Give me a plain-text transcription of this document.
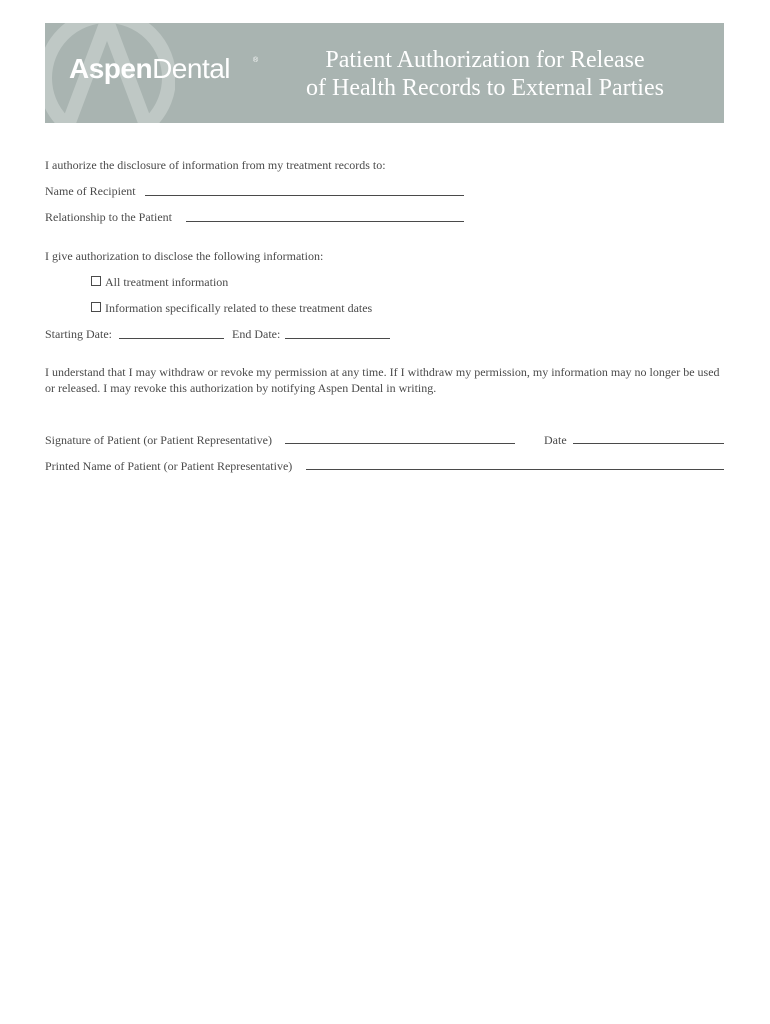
AspenDental	®	Patient Authorization for Release
of Health Records to External Parties
I authorize the disclosure of information from my treatment records to:
Name of Recipient
Relationship to the Patient
I give authorization to disclose the following information:
All treatment information
Information specifically related to these treatment dates
Starting Date:	End Date:
I understand that I may withdraw or revoke my permission at any time. If I withdraw my permission, my information may no longer be used or released. I may revoke this authorization by notifying Aspen Dental in writing.
Signature of Patient (or Patient Representative)	Date
Printed Name of Patient (or Patient Representative)
